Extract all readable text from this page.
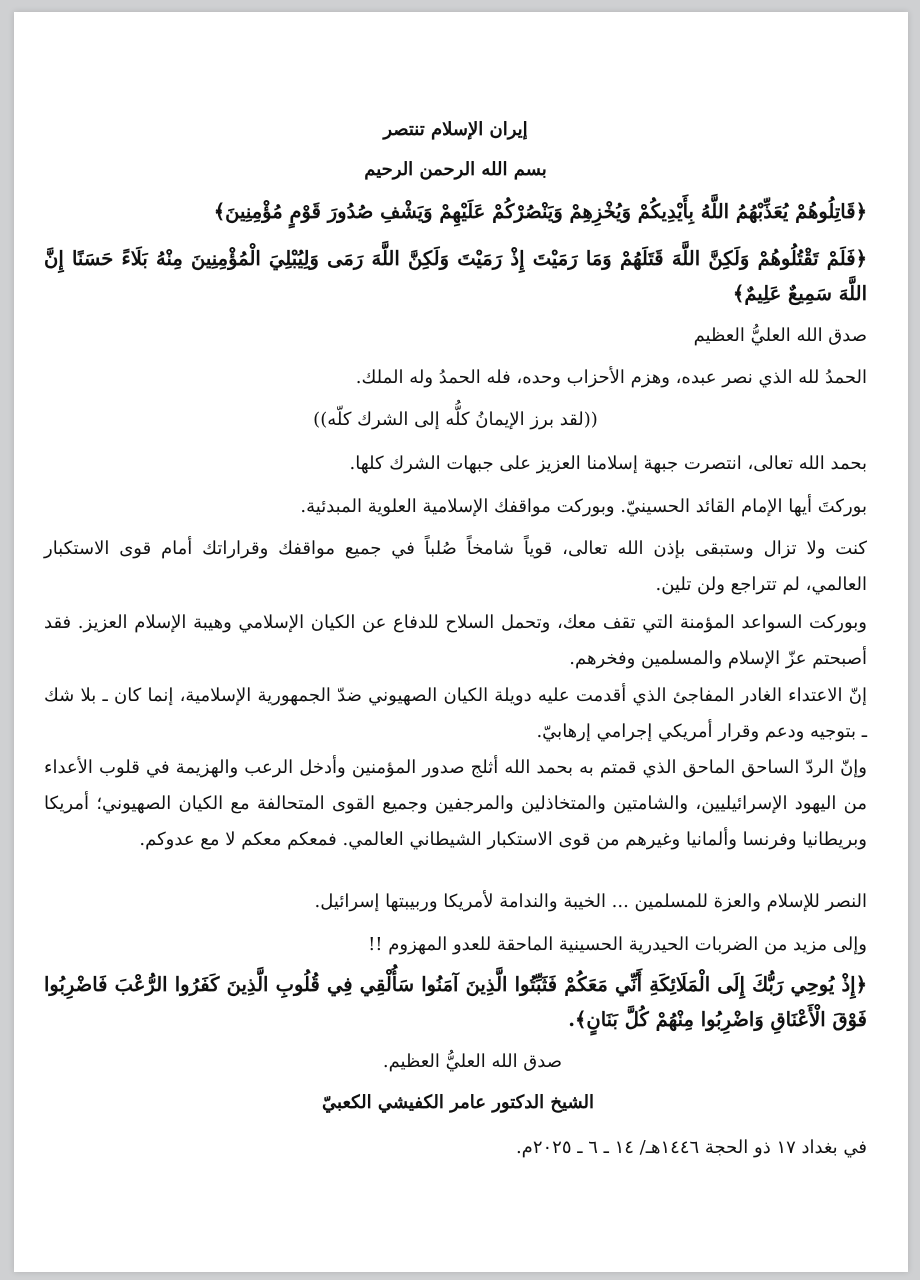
إيران الإسلام تنتصر
بسم الله الرحمن الرحيم
﴿قَاتِلُوهُمْ يُعَذِّبْهُمُ اللَّهُ بِأَيْدِيكُمْ وَيُخْزِهِمْ وَيَنْصُرْكُمْ عَلَيْهِمْ وَيَشْفِ صُدُورَ قَوْمٍ مُؤْمِنِينَ﴾
﴿فَلَمْ تَقْتُلُوهُمْ وَلَكِنَّ اللَّهَ قَتَلَهُمْ وَمَا رَمَيْتَ إِذْ رَمَيْتَ وَلَكِنَّ اللَّهَ رَمَى وَلِيُبْلِيَ الْمُؤْمِنِينَ مِنْهُ بَلَاءً حَسَنًا إِنَّ اللَّهَ سَمِيعٌ عَلِيمٌ﴾
صدق الله العليُّ العظيم
الحمدُ لله الذي نصر عبده، وهزم الأحزاب وحده، فله الحمدُ وله الملك.
((لقد برز الإيمانُ كلُّه إلى الشرك كلّه))
بحمد الله تعالى، انتصرت جبهة إسلامنا العزيز على جبهات الشرك كلها.
بوركتَ أيها الإمام القائد الحسينيّ. وبوركت مواقفك الإسلامية العلوية المبدئية.
كنت ولا تزال وستبقى بإذن الله تعالى، قوياً شامخاً صُلباً في جميع مواقفك وقراراتك أمام قوى الاستكبار العالمي، لم تتراجع ولن تلين.
وبوركت السواعد المؤمنة التي تقف معك، وتحمل السلاح للدفاع عن الكيان الإسلامي وهيبة الإسلام العزيز. فقد أصبحتم عزّ الإسلام والمسلمين وفخرهم.
إنّ الاعتداء الغادر المفاجئ الذي أقدمت عليه دويلة الكيان الصهيوني ضدّ الجمهورية الإسلامية، إنما كان ـ بلا شك ـ بتوجيه ودعم وقرار أمريكي إجرامي إرهابيّ.
وإنّ الردّ الساحق الماحق الذي قمتم به بحمد الله أثلج صدور المؤمنين وأدخل الرعب والهزيمة في قلوب الأعداء من اليهود الإسرائيليين، والشامتين والمتخاذلين والمرجفين وجميع القوى المتحالفة مع الكيان الصهيوني؛ أمريكا وبريطانيا وفرنسا وألمانيا وغيرهم من قوى الاستكبار الشيطاني العالمي. فمعكم معكم لا مع عدوكم.
النصر للإسلام والعزة للمسلمين ... الخيبة والندامة لأمريكا وربيبتها إسرائيل.
وإلى مزيد من الضربات الحيدرية الحسينية الماحقة للعدو المهزوم !!
﴿إِذْ يُوحِي رَبُّكَ إِلَى الْمَلَائِكَةِ أَنِّي مَعَكُمْ فَثَبِّتُوا الَّذِينَ آمَنُوا سَأُلْقِي فِي قُلُوبِ الَّذِينَ كَفَرُوا الرُّعْبَ فَاضْرِبُوا فَوْقَ الْأَعْنَاقِ وَاضْرِبُوا مِنْهُمْ كُلَّ بَنَانٍ﴾.
صدق الله العليُّ العظيم.
الشيخ الدكتور عامر الكفيشي الكعبيّ
في بغداد ١٧ ذو الحجة ١٤٤٦هـ/ ١٤ ـ ٦ ـ ٢٠٢٥م.
